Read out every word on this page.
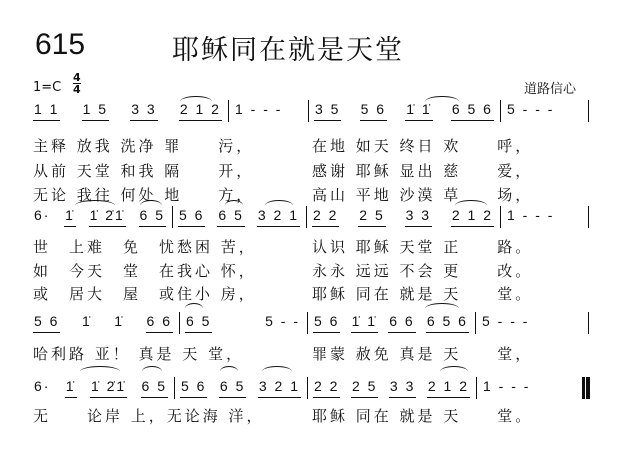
615	耶稣同在就是天堂
1=C
4
4	道路信心
1 1 1 5 3 3 2 1 2 1 - - - 3 5 5 6 1̇ 1̇ 6 5 6 5 - - -
主释 放我 洗净 罪　　污，	在地 如天 终日 欢　　呼，
从前 天堂 和我 隔　　开，	感谢 耶稣 显出 慈　　爱，
无论 我往 何处 地　　方，	高山 平地 沙漠 草　　场，
6· 1̇ 1̇ 2̇1̇ 6 5 5 6 6 5 3 2 1 2 2 2 5 3 3 2 1 2 1 - - -
世　上难　免　忧愁困 苦，	认识 耶稣 天堂 正　　路。
如　今天　堂　在我心 怀，	永永 远远 不会 更　　改。
或　居大　屋　或住小 房，	耶稣 同在 就是 天　　堂。
5 6 1̇ 1̇ 6 6 6 5	5 - - 5 6 1̇ 1̇ 6 6 6 5 6 5 - - -
哈利路 亚！ 真是 天 堂，	罪蒙 赦免 真是 天　　堂，
6· 1̇ 1̇ 2̇1̇ 6 5 5 6 6 5 3 2 1 2 2 2 5 3 3 2 1 2 1 - - -
无　　论岸 上，无论海 洋，	耶稣 同在 就是 天　　堂。
